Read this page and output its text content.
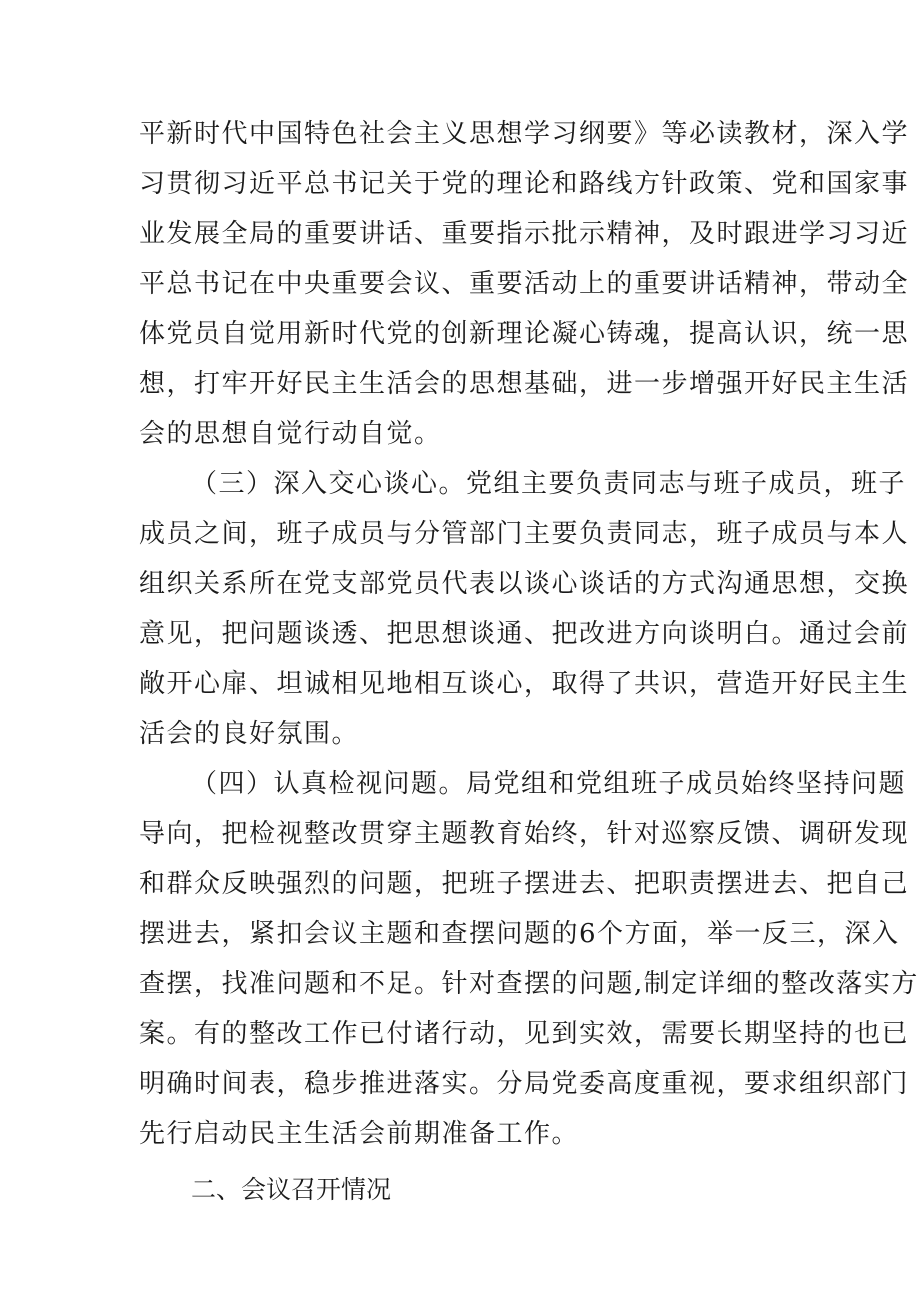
平新时代中国特色社会主义思想学习纲要》等必读教材，深入学
习贯彻习近平总书记关于党的理论和路线方针政策、党和国家事
业发展全局的重要讲话、重要指示批示精神，及时跟进学习习近
平总书记在中央重要会议、重要活动上的重要讲话精神，带动全
体党员自觉用新时代党的创新理论凝心铸魂，提高认识，统一思
想，打牢开好民主生活会的思想基础，进一步增强开好民主生活
会的思想自觉行动自觉。
（三）深入交心谈心。党组主要负责同志与班子成员，班子
成员之间，班子成员与分管部门主要负责同志，班子成员与本人
组织关系所在党支部党员代表以谈心谈话的方式沟通思想，交换
意见，把问题谈透、把思想谈通、把改进方向谈明白。通过会前
敞开心扉、坦诚相见地相互谈心，取得了共识，营造开好民主生
活会的良好氛围。
（四）认真检视问题。局党组和党组班子成员始终坚持问题
导向，把检视整改贯穿主题教育始终，针对巡察反馈、调研发现
和群众反映强烈的问题，把班子摆进去、把职责摆进去、把自己
摆进去，紧扣会议主题和查摆问题的6个方面，举一反三，深入
查摆，找准问题和不足。针对查摆的问题,制定详细的整改落实方
案。有的整改工作已付诸行动，见到实效，需要长期坚持的也已
明确时间表，稳步推进落实。分局党委高度重视，要求组织部门
先行启动民主生活会前期准备工作。
二、会议召开情况
